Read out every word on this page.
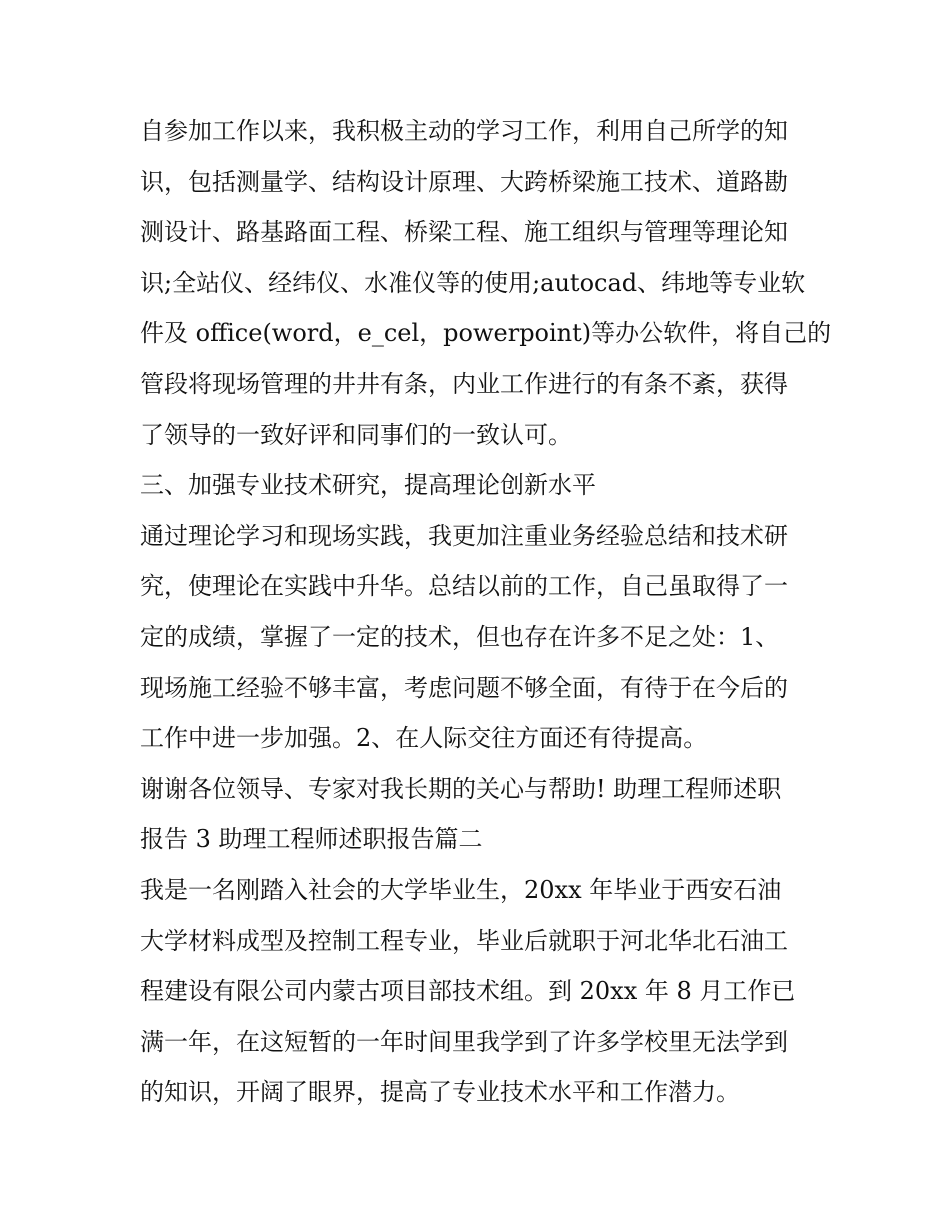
自参加工作以来，我积极主动的学习工作，利用自己所学的知
识，包括测量学、结构设计原理、大跨桥梁施工技术、道路勘
测设计、路基路面工程、桥梁工程、施工组织与管理等理论知
识;全站仪、经纬仪、水准仪等的使用;autocad、纬地等专业软
件及 office(word，e_cel，powerpoint)等办公软件，将自己的
管段将现场管理的井井有条，内业工作进行的有条不紊，获得
了领导的一致好评和同事们的一致认可。
三、加强专业技术研究，提高理论创新水平
通过理论学习和现场实践，我更加注重业务经验总结和技术研
究，使理论在实践中升华。总结以前的工作，自己虽取得了一
定的成绩，掌握了一定的技术，但也存在许多不足之处：1、
现场施工经验不够丰富，考虑问题不够全面，有待于在今后的
工作中进一步加强。2、在人际交往方面还有待提高。
谢谢各位领导、专家对我长期的关心与帮助! 助理工程师述职
报告 3 助理工程师述职报告篇二
我是一名刚踏入社会的大学毕业生，20xx 年毕业于西安石油
大学材料成型及控制工程专业，毕业后就职于河北华北石油工
程建设有限公司内蒙古项目部技术组。到 20xx 年 8 月工作已
满一年，在这短暂的一年时间里我学到了许多学校里无法学到
的知识，开阔了眼界，提高了专业技术水平和工作潜力。
